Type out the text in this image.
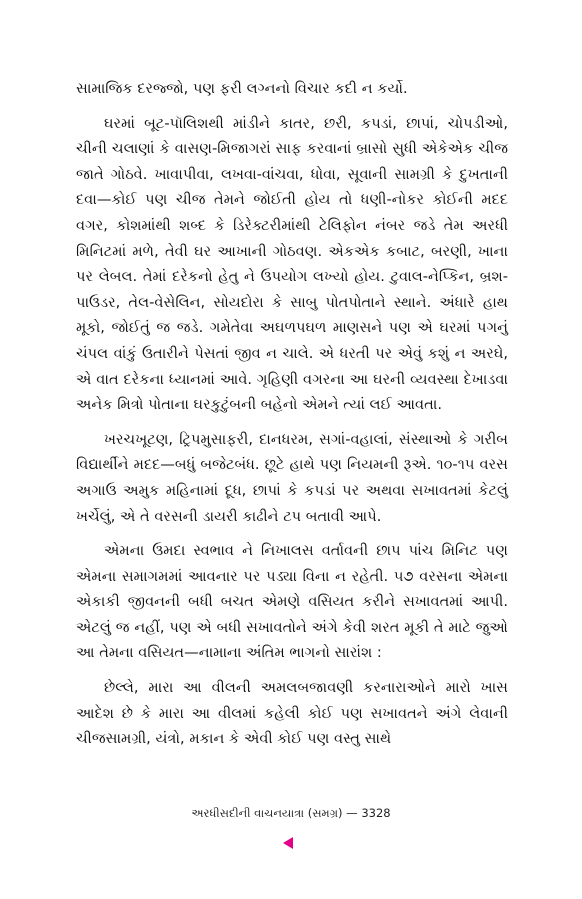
સામાજિક દરજ્જો, પણ ફરી લગ્નનો વિચાર કદી ન કર્યો.

ઘરમાં બૂટ-પૉલિશથી માંડીને કાતર, છરી, કપડાં, છાપાં, ચોપડીઓ, ચીની ચલાણાં કે વાસણ-મિજાગરાં સાફ કરવાનાં બ્રાસો સુધી એકેએક ચીજ જાતે ગોઠવે. ખાવાપીવા, લખવા-વાંચવા, ધોવા, સૂવાની સામગ્રી કે દુખતાની દવા—કોઈ પણ ચીજ તેમને જોઈતી હોય તો ધણી-નોકર કોઈની મદદ વગર, કોશમાંથી શબ્દ કે ડિરેક્ટરીમાંથી ટેલિફોન નંબર જડે તેમ અરધી મિનિટમાં મળે, તેવી ઘર આખાની ગોઠવણ. એકએક કબાટ, બરણી, ખાના પર લેબલ. તેમાં દરેકનો હેતુ ને ઉપયોગ લખ્યો હોય. ટુવાલ-નેપ્કિન, બ્રશ-પાઉડર, તેલ-વેસેલિન, સોયદોરા કે સાબુ પોતપોતાને સ્થાને. અંધારે હાથ મૂકો, જોઈતું જ જડે. ગમેતેવા અઘળપઘળ માણસને પણ એ ઘરમાં પગનું ચંપલ વાંકું ઉતારીને પેસતાં જીવ ન ચાલે. એ ધરતી પર એવું કશું ન અરઘે, એ વાત દરેકના ધ્યાનમાં આવે. ગૃહિણી વગરના આ ઘરની વ્યવસ્થા દેખાડવા અનેક મિત્રો પોતાના ઘરકુટુંબની બહેનો એમને ત્યાં લઈ આવતા.

ખરચખૂટણ, ટ્રિપમુસાફરી, દાનધરમ, સગાં-વહાલાં, સંસ્થાઓ કે ગરીબ વિદ્યાર્થીને મદદ—બધું બજેટબંધ. છૂટે હાથે પણ નિયમની રૂએ. ૧૦-૧૫ વરસ અગાઉ અમુક મહિનામાં દૂધ, છાપાં કે કપડાં પર અથવા સખાવતમાં કેટલું ખર્ચેલું, એ તે વરસની ડાયરી કાઢીને ટપ બતાવી આપે.

એમના ઉમદા સ્વભાવ ને નિખાલસ વર્તાવની છાપ પાંચ મિનિટ પણ એમના સમાગમમાં આવનાર પર પડ્યા વિના ન રહેતી. ૫૭ વરસના એમના એકાકી જીવનની બધી બચત એમણે વસિયત કરીને સખાવતમાં આપી. એટલું જ નહીં, પણ એ બધી સખાવતોને અંગે કેવી શરત મૂકી તે માટે જુઓ આ તેમના વસિયત—નામાના અંતિમ ભાગનો સારાંશ :

છેલ્લે, મારા આ વીલની અમલબજાવણી કરનારાઓને મારો ખાસ આદેશ છે કે મારા આ વીલમાં કહેલી કોઈ પણ સખાવતને અંગે લેવાની ચીજસામગ્રી, યંત્રો, મકાન કે એવી કોઈ પણ વસ્તુ સાથે

અરધીસદીની વાચનયાત્રા (સમગ્ર) — 3328
